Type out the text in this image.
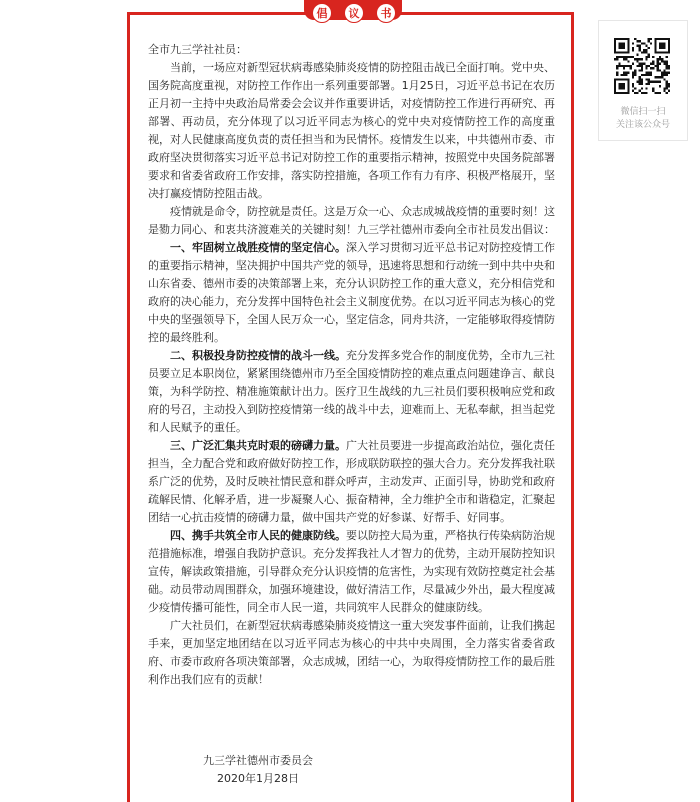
倡	议	书

全市九三学社社员：

当前，一场应对新型冠状病毒感染肺炎疫情的防控阻击战已全面打响。党中央、国务院高度重视，对防控工作作出一系列重要部署。1月25日，习近平总书记在农历正月初一主持中央政治局常委会会议并作重要讲话，对疫情防控工作进行再研究、再部署、再动员，充分体现了以习近平同志为核心的党中央对疫情防控工作的高度重视，对人民健康高度负责的责任担当和为民情怀。疫情发生以来，中共德州市委、市政府坚决贯彻落实习近平总书记对防控工作的重要指示精神，按照党中央国务院部署要求和省委省政府工作安排，落实防控措施，各项工作有力有序、积极严格展开，坚决打赢疫情防控阻击战。

疫情就是命令，防控就是责任。这是万众一心、众志成城战疫情的重要时刻！这是勠力同心、和衷共济渡难关的关键时刻！九三学社德州市委向全市社员发出倡议：

一、牢固树立战胜疫情的坚定信心。深入学习贯彻习近平总书记对防控疫情工作的重要指示精神，坚决拥护中国共产党的领导，迅速将思想和行动统一到中共中央和山东省委、德州市委的决策部署上来，充分认识防控工作的重大意义，充分相信党和政府的决心能力，充分发挥中国特色社会主义制度优势。在以习近平同志为核心的党中央的坚强领导下，全国人民万众一心，坚定信念，同舟共济，一定能够取得疫情防控的最终胜利。

二、积极投身防控疫情的战斗一线。充分发挥多党合作的制度优势，全市九三社员要立足本职岗位，紧紧围绕德州市乃至全国疫情防控的难点重点问题建诤言、献良策，为科学防控、精准施策献计出力。医疗卫生战线的九三社员们要积极响应党和政府的号召，主动投入到防控疫情第一线的战斗中去，迎难而上、无私奉献，担当起党和人民赋予的重任。

三、广泛汇集共克时艰的磅礴力量。广大社员要进一步提高政治站位，强化责任担当，全力配合党和政府做好防控工作，形成联防联控的强大合力。充分发挥我社联系广泛的优势，及时反映社情民意和群众呼声，主动发声、正面引导，协助党和政府疏解民情、化解矛盾，进一步凝聚人心、振奋精神，全力维护全市和谐稳定，汇聚起团结一心抗击疫情的磅礴力量，做中国共产党的好参谋、好帮手、好同事。

四、携手共筑全市人民的健康防线。要以防控大局为重，严格执行传染病防治规范措施标准，增强自我防护意识。充分发挥我社人才智力的优势，主动开展防控知识宣传，解读政策措施，引导群众充分认识疫情的危害性，为实现有效防控奠定社会基础。动员带动周围群众，加强环境建设，做好清洁工作，尽量减少外出，最大程度减少疫情传播可能性，同全市人民一道，共同筑牢人民群众的健康防线。

广大社员们，在新型冠状病毒感染肺炎疫情这一重大突发事件面前，让我们携起手来，更加坚定地团结在以习近平同志为核心的中共中央周围，全力落实省委省政府、市委市政府各项决策部署，众志成城，团结一心，为取得疫情防控工作的最后胜利作出我们应有的贡献！

九三学社德州市委员会
2020年1月28日
微信扫一扫
关注该公众号
